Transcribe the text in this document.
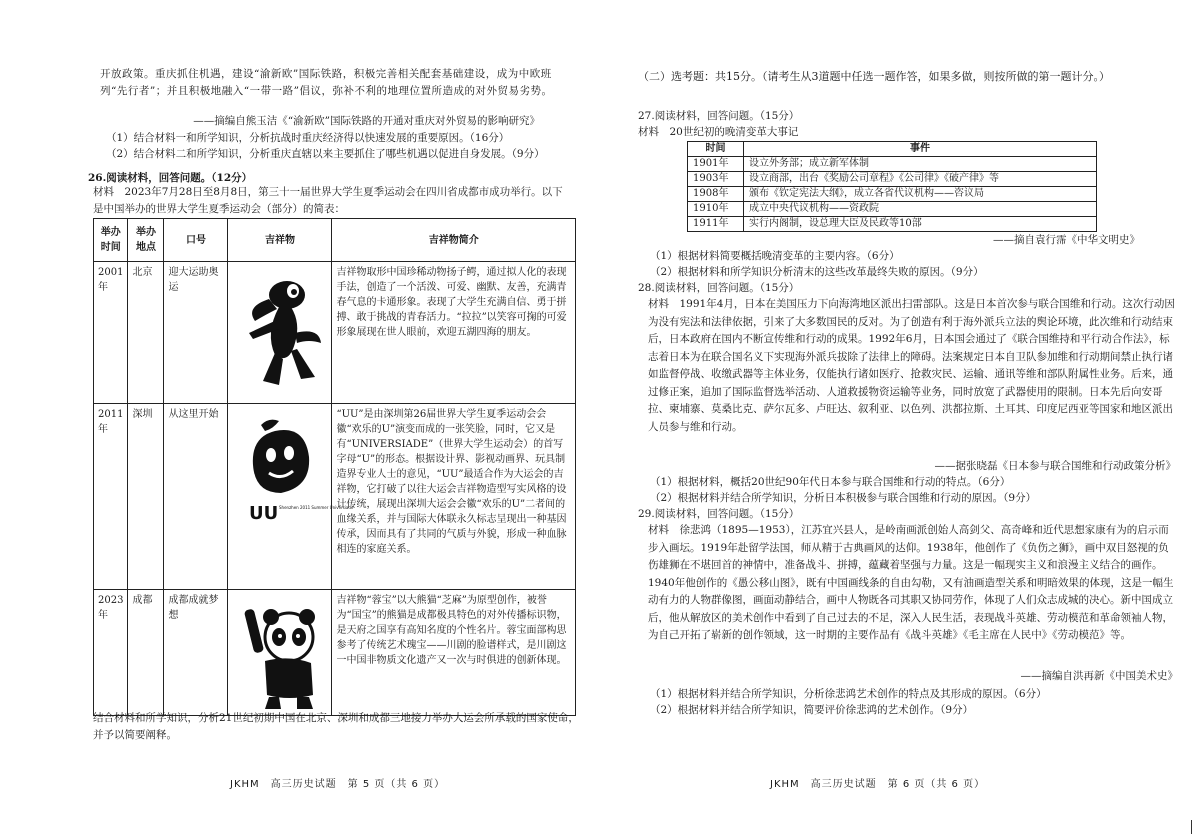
开放政策。重庆抓住机遇，建设“渝新欧”国际铁路，积极完善相关配套基础建设，成为中欧班列“先行者”；并且积极地融入“一带一路”倡议，弥补不利的地理位置所造成的对外贸易劣势。
——摘编自熊玉洁《“渝新欧”国际铁路的开通对重庆对外贸易的影响研究》
（1）结合材料一和所学知识，分析抗战时重庆经济得以快速发展的重要原因。（16分）
（2）结合材料二和所学知识，分析重庆直辖以来主要抓住了哪些机遇以促进自身发展。（9分）
26.阅读材料，回答问题。（12分）
材料　2023年7月28日至8月8日，第三十一届世界大学生夏季运动会在四川省成都市成功举行。以下是中国举办的世界大学生夏季运动会（部分）的简表：
举办时间	举办地点	口号	吉祥物	吉祥物简介
2001年	北京	迎大运助奥运		吉祥物取形中国珍稀动物扬子鳄，通过拟人化的表现手法，创造了一个活泼、可爱、幽默、友善，充满青春气息的卡通形象。表现了大学生充满自信、勇于拼搏、敢于挑战的青春活力。“拉拉”以笑容可掬的可爱形象展现在世人眼前，欢迎五湖四海的朋友。
2011年	深圳	从这里开始	UU Shenzhen 2011 Summer Universiade	“UU”是由深圳第26届世界大学生夏季运动会会徽“欢乐的U”演变而成的一张笑脸，同时，它又是有“UNIVERSIADE”（世界大学生运动会）的首写字母“U”的形态。根据设计界、影视动画界、玩具制造界专业人士的意见，“UU”最适合作为大运会的吉祥物，它打破了以往大运会吉祥物造型写实风格的设计传统，展现出深圳大运会会徽“欢乐的U”二者间的血缘关系，并与国际大体联永久标志呈现出一种基因传承，因而具有了共同的气质与外貌，形成一种血脉相连的家庭关系。
2023年	成都	成都成就梦想		吉祥物“蓉宝”以大熊猫“芝麻”为原型创作，被誉为“国宝”的熊猫是成都极具特色的对外传播标识物，是天府之国享有高知名度的个性名片。蓉宝面部构思参考了传统艺术瑰宝——川剧的脸谱样式，是川剧这一中国非物质文化遗产又一次与时俱进的创新体现。
结合材料和所学知识，分析21世纪初期中国在北京、深圳和成都三地接力举办大运会所承载的国家使命，并予以简要阐释。
JKHM　高三历史试题　第 5 页（共 6 页）
（二）选考题：共15分。（请考生从3道题中任选一题作答，如果多做，则按所做的第一题计分。）
27.阅读材料，回答问题。（15分）
材料　20世纪初的晚清变革大事记
时间	事件
1901年	设立外务部；成立新军体制
1903年	设立商部，出台《奖励公司章程》《公司律》《破产律》等
1908年	颁布《钦定宪法大纲》，成立各省代议机构——咨议局
1910年	成立中央代议机构——资政院
1911年	实行内阁制，设总理大臣及民政等10部
——摘自袁行霈《中华文明史》
（1）根据材料简要概括晚清变革的主要内容。（6分）
（2）根据材料和所学知识分析清末的这些改革最终失败的原因。（9分）
28.阅读材料，回答问题。（15分）
材料　1991年4月，日本在美国压力下向海湾地区派出扫雷部队。这是日本首次参与联合国维和行动。这次行动因为没有宪法和法律依据，引来了大多数国民的反对。为了创造有利于海外派兵立法的舆论环境，此次维和行动结束后，日本政府在国内不断宣传维和行动的成果。1992年6月，日本国会通过了《联合国维持和平行动合作法》，标志着日本为在联合国名义下实现海外派兵拔除了法律上的障碍。法案规定日本自卫队参加维和行动期间禁止执行诸如监督停战、收缴武器等主体业务，仅能执行诸如医疗、抢救灾民、运输、通讯等维和部队附属性业务。后来，通过修正案，追加了国际监督选举活动、人道救援物资运输等业务，同时放宽了武器使用的限制。日本先后向安哥拉、柬埔寨、莫桑比克、萨尔瓦多、卢旺达、叙利亚、以色列、洪都拉斯、土耳其、印度尼西亚等国家和地区派出人员参与维和行动。
——据张晓磊《日本参与联合国维和行动政策分析》
（1）根据材料，概括20世纪90年代日本参与联合国维和行动的特点。（6分）
（2）根据材料并结合所学知识，分析日本积极参与联合国维和行动的原因。（9分）
29.阅读材料，回答问题。（15分）
材料　徐悲鸿（1895—1953），江苏宜兴县人，是岭南画派创始人高剑父、高奇峰和近代思想家康有为的启示而步入画坛。1919年赴留学法国，师从精于古典画风的达仰。1938年，他创作了《负伤之狮》，画中双目怒视的负伤雄狮在不堪回首的神情中，准备战斗、拼搏，蕴藏着坚强与力量。这是一幅现实主义和浪漫主义结合的画作。1940年他创作的《愚公移山图》，既有中国画线条的自由勾勒，又有油画造型关系和明暗效果的体现，这是一幅生动有力的人物群像图，画面动静结合，画中人物既各司其职又协同劳作，体现了人们众志成城的决心。新中国成立后，他从解放区的美术创作中看到了自己过去的不足，深入人民生活，表现战斗英雄、劳动模范和革命领袖人物，为自己开拓了崭新的创作领域，这一时期的主要作品有《战斗英雄》《毛主席在人民中》《劳动模范》等。
——摘编自洪再新《中国美术史》
（1）根据材料并结合所学知识，分析徐悲鸿艺术创作的特点及其形成的原因。（6分）
（2）根据材料并结合所学知识，简要评价徐悲鸿的艺术创作。（9分）
JKHM　高三历史试题　第 6 页（共 6 页）
